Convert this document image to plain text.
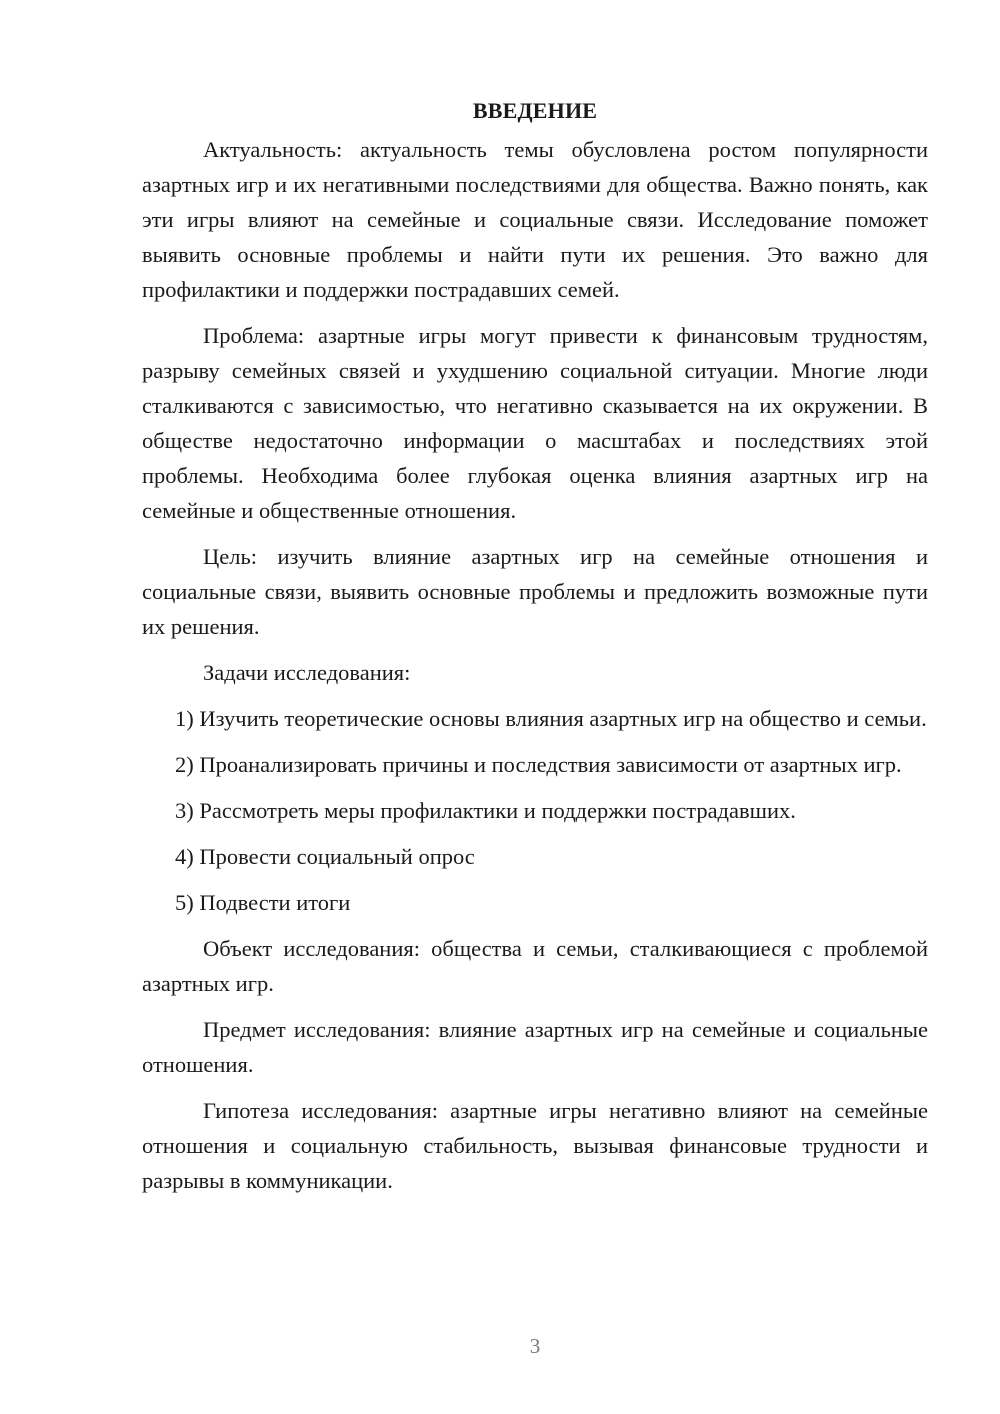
ВВЕДЕНИЕ

Актуальность: актуальность темы обусловлена ростом популярности азартных игр и их негативными последствиями для общества. Важно понять, как эти игры влияют на семейные и социальные связи. Исследование поможет выявить основные проблемы и найти пути их решения. Это важно для профилактики и поддержки пострадавших семей.

Проблема: азартные игры могут привести к финансовым трудностям, разрыву семейных связей и ухудшению социальной ситуации. Многие люди сталкиваются с зависимостью, что негативно сказывается на их окружении. В обществе недостаточно информации о масштабах и последствиях этой проблемы. Необходима более глубокая оценка влияния азартных игр на семейные и общественные отношения.

Цель: изучить влияние азартных игр на семейные отношения и социальные связи, выявить основные проблемы и предложить возможные пути их решения.

Задачи исследования:

1) Изучить теоретические основы влияния азартных игр на общество и семьи.

2) Проанализировать причины и последствия зависимости от азартных игр.

3) Рассмотреть меры профилактики и поддержки пострадавших.

4) Провести социальный опрос

5) Подвести итоги

Объект исследования: общества и семьи, сталкивающиеся с проблемой азартных игр.

Предмет исследования: влияние азартных игр на семейные и социальные отношения.

Гипотеза исследования: азартные игры негативно влияют на семейные отношения и социальную стабильность, вызывая финансовые трудности и разрывы в коммуникации.

3
